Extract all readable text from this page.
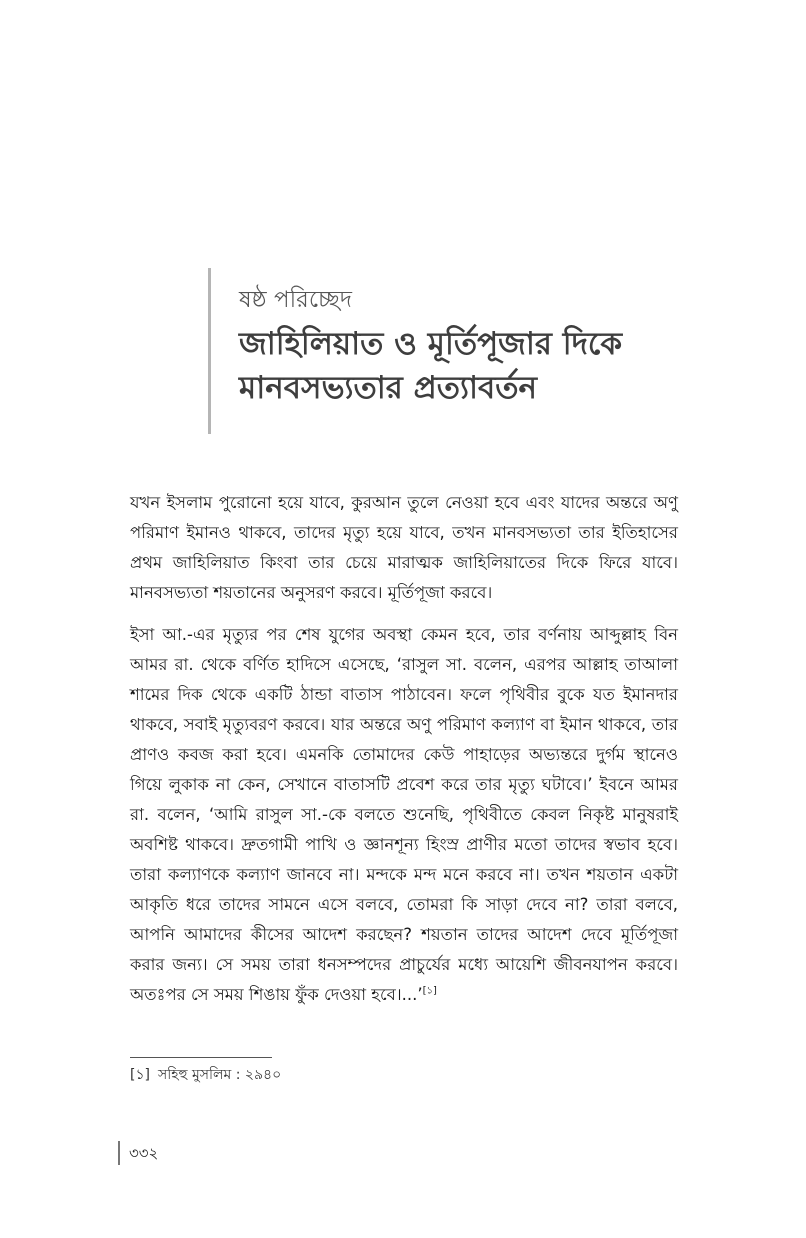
ষষ্ঠ পরিচ্ছেদ
জাহিলিয়াত ও মূর্তিপূজার দিকে
মানবসভ্যতার প্রত্যাবর্তন

যখন ইসলাম পুরোনো হয়ে যাবে, কুরআন তুলে নেওয়া হবে এবং যাদের অন্তরে অণু পরিমাণ ইমানও থাকবে, তাদের মৃত্যু হয়ে যাবে, তখন মানবসভ্যতা তার ইতিহাসের প্রথম জাহিলিয়াত কিংবা তার চেয়ে মারাত্মক জাহিলিয়াতের দিকে ফিরে যাবে। মানবসভ্যতা শয়তানের অনুসরণ করবে। মূর্তিপূজা করবে।

ইসা আ.-এর মৃত্যুর পর শেষ যুগের অবস্থা কেমন হবে, তার বর্ণনায় আব্দুল্লাহ বিন আমর রা. থেকে বর্ণিত হাদিসে এসেছে, ‘রাসুল সা. বলেন, এরপর আল্লাহ তাআলা শামের দিক থেকে একটি ঠান্ডা বাতাস পাঠাবেন। ফলে পৃথিবীর বুকে যত ইমানদার থাকবে, সবাই মৃত্যুবরণ করবে। যার অন্তরে অণু পরিমাণ কল্যাণ বা ইমান থাকবে, তার প্রাণও কবজ করা হবে। এমনকি তোমাদের কেউ পাহাড়ের অভ্যন্তরে দুর্গম স্থানেও গিয়ে লুকাক না কেন, সেখানে বাতাসটি প্রবেশ করে তার মৃত্যু ঘটাবে।’ ইবনে আমর রা. বলেন, ‘আমি রাসুল সা.-কে বলতে শুনেছি, পৃথিবীতে কেবল নিকৃষ্ট মানুষরাই অবশিষ্ট থাকবে। দ্রুতগামী পাখি ও জ্ঞানশূন্য হিংস্র প্রাণীর মতো তাদের স্বভাব হবে। তারা কল্যাণকে কল্যাণ জানবে না। মন্দকে মন্দ মনে করবে না। তখন শয়তান একটা আকৃতি ধরে তাদের সামনে এসে বলবে, তোমরা কি সাড়া দেবে না? তারা বলবে, আপনি আমাদের কীসের আদেশ করছেন? শয়তান তাদের আদেশ দেবে মূর্তিপূজা করার জন্য। সে সময় তারা ধনসম্পদের প্রাচুর্যের মধ্যে আয়েশি জীবনযাপন করবে। অতঃপর সে সময় শিঙায় ফুঁক দেওয়া হবে।...’[১]

[১] সহিহু মুসলিম : ২৯৪০
৩৩২
